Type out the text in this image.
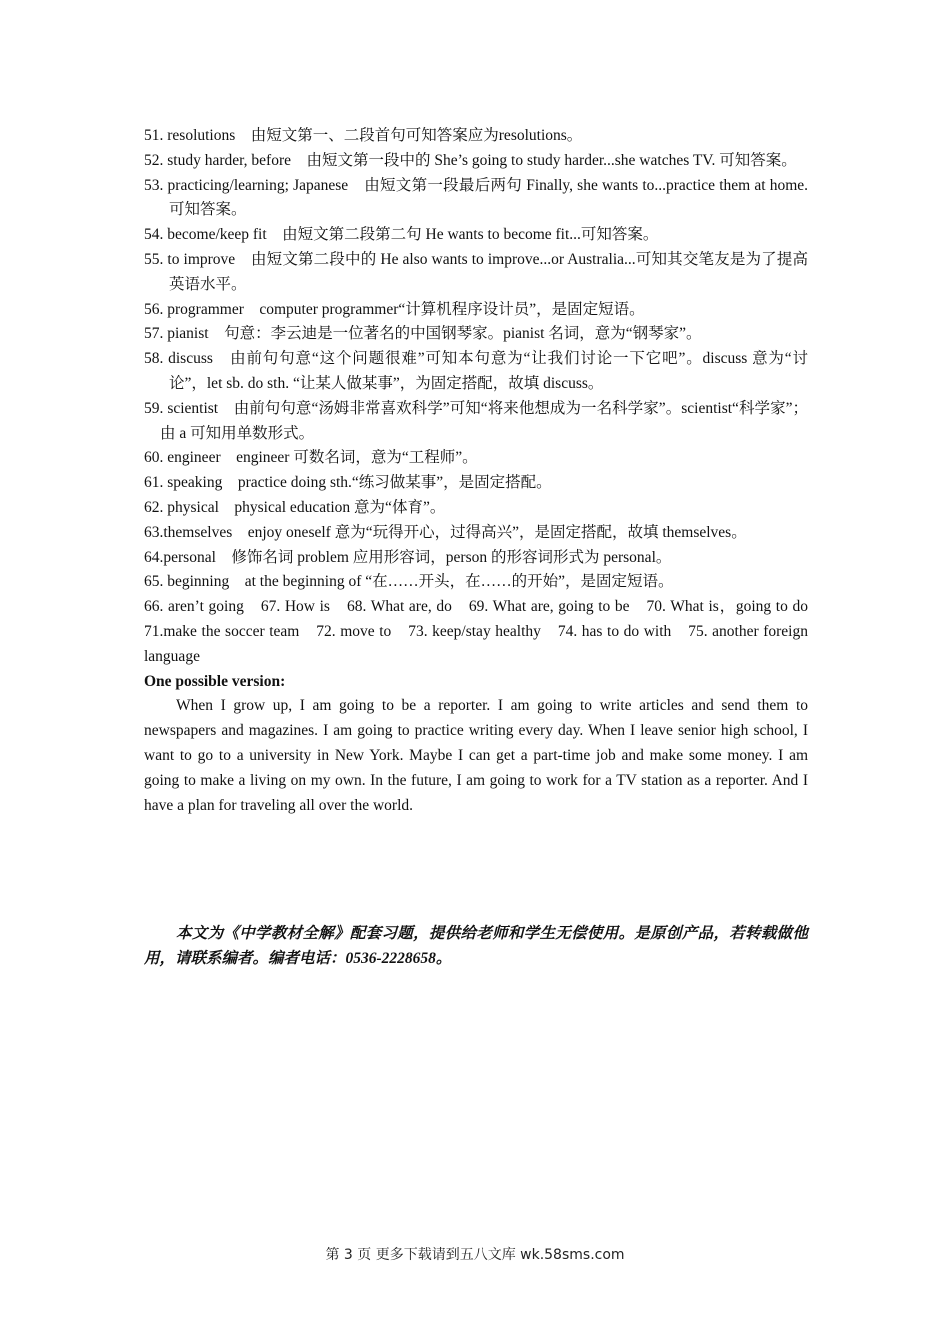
51. resolutions　由短文第一、二段首句可知答案应为resolutions。

52. study harder, before　由短文第一段中的 She’s going to study harder...she watches TV. 可知答案。

53. practicing/learning; Japanese　由短文第一段最后两句 Finally, she wants to...practice them at home.可知答案。

54. become/keep fit　由短文第二段第二句 He wants to become fit...可知答案。

55. to improve　由短文第二段中的 He also wants to improve...or Australia...可知其交笔友是为了提高英语水平。

56. programmer　computer programmer“计算机程序设计员”，是固定短语。

57. pianist　句意：李云迪是一位著名的中国钢琴家。pianist 名词，意为“钢琴家”。

58. discuss　由前句句意“这个问题很难”可知本句意为“让我们讨论一下它吧”。discuss 意为“讨论”，let sb. do sth. “让某人做某事”，为固定搭配，故填 discuss。

59. scientist　由前句句意“汤姆非常喜欢科学”可知“将来他想成为一名科学家”。scientist“科学家”；由 a 可知用单数形式。

60. engineer　engineer 可数名词，意为“工程师”。

61. speaking　practice doing sth.“练习做某事”，是固定搭配。

62. physical　physical education 意为“体育”。

63.themselves　enjoy oneself 意为“玩得开心，过得高兴”，是固定搭配，故填 themselves。

64.personal　修饰名词 problem 应用形容词，person 的形容词形式为 personal。

65. beginning　at the beginning of “在……开头，在……的开始”，是固定短语。

66. aren’t going　67. How is　68. What are, do　69. What are, going to be　70. What is，going to do　71.make the soccer team　72. move to　73. keep/stay healthy　74. has to do with　75. another foreign language

One possible version:

When I grow up, I am going to be a reporter. I am going to write articles and send them to newspapers and magazines. I am going to practice writing every day. When I leave senior high school, I want to go to a university in New York. Maybe I can get a part-time job and make some money. I am going to make a living on my own. In the future, I am going to work for a TV station as a reporter. And I have a plan for traveling all over the world.

本文为《中学教材全解》配套习题，提供给老师和学生无偿使用。是原创产品，若转载做他用，请联系编者。编者电话：0536-2228658。

第 3 页 更多下载请到五八文库 wk.58sms.com
